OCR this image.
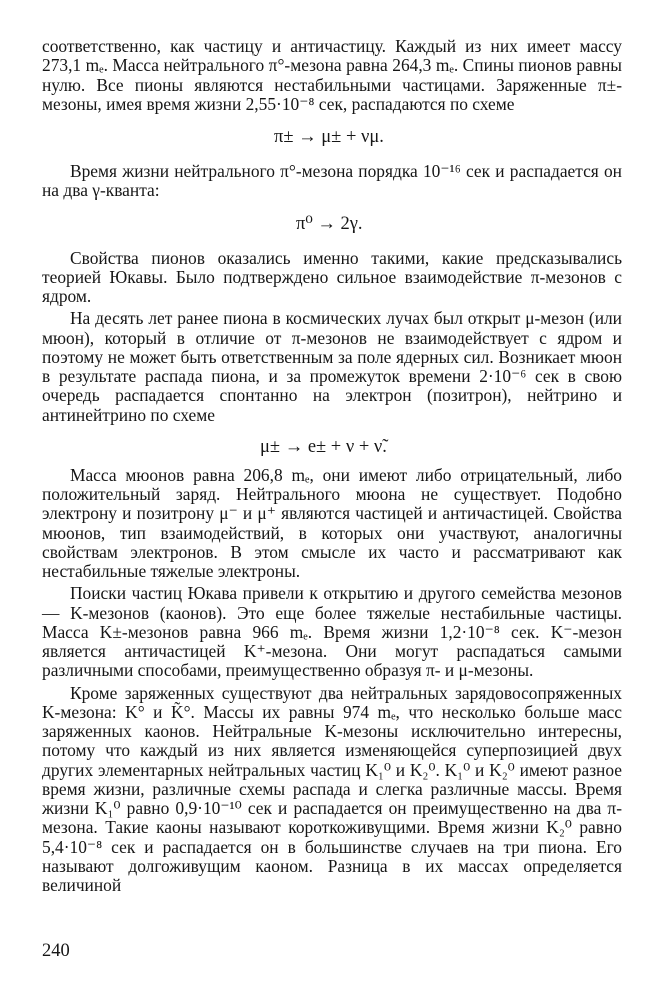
соответственно, как частицу и античастицу. Каждый из них имеет массу 273,1 mₑ. Масса нейтрального π°-мезона равна 264,3 mₑ. Спины пионов равны нулю. Все пионы являются нестабильными частицами. Заряженные π±-мезоны, имея время жизни 2,55·10⁻⁸ сек, распадаются по схеме

π± → μ± + νμ.

Время жизни нейтрального π°-мезона порядка 10⁻¹⁶ сек и распадается он на два γ-кванта:

π⁰ → 2γ.

Свойства пионов оказались именно такими, какие предсказывались теорией Юкавы. Было подтверждено сильное взаимодействие π-мезонов с ядром.

На десять лет ранее пиона в космических лучах был открыт μ-мезон (или мюон), который в отличие от π-мезонов не взаимодействует с ядром и поэтому не может быть ответственным за поле ядерных сил. Возникает мюон в результате распада пиона, и за промежуток времени 2·10⁻⁶ сек в свою очередь распадается спонтанно на электрон (позитрон), нейтрино и антинейтрино по схеме

μ± → e± + ν + ν̃.

Масса мюонов равна 206,8 mₑ, они имеют либо отрицательный, либо положительный заряд. Нейтрального мюона не существует. Подобно электрону и позитрону μ⁻ и μ⁺ являются частицей и античастицей. Свойства мюонов, тип взаимодействий, в которых они участвуют, аналогичны свойствам электронов. В этом смысле их часто и рассматривают как нестабильные тяжелые электроны.

Поиски частиц Юкава привели к открытию и другого семейства мезонов — K-мезонов (каонов). Это еще более тяжелые нестабильные частицы. Масса K±-мезонов равна 966 mₑ. Время жизни 1,2·10⁻⁸ сек. K⁻-мезон является античастицей K⁺-мезона. Они могут распадаться самыми различными способами, преимущественно образуя π- и μ-мезоны.

Кроме заряженных существуют два нейтральных зарядовосопряженных K-мезона: K° и K̃°. Массы их равны 974 mₑ, что несколько больше масс заряженных каонов. Нейтральные K-мезоны исключительно интересны, потому что каждый из них является изменяющейся суперпозицией двух других элементарных нейтральных частиц K₁⁰ и K₂⁰. K₁⁰ и K₂⁰ имеют разное время жизни, различные схемы распада и слегка различные массы. Время жизни K₁⁰ равно 0,9·10⁻¹⁰ сек и распадается он преимущественно на два π-мезона. Такие каоны называют короткоживущими. Время жизни K₂⁰ равно 5,4·10⁻⁸ сек и распадается он в большинстве случаев на три пиона. Его называют долгоживущим каоном. Разница в их массах определяется величиной

240
